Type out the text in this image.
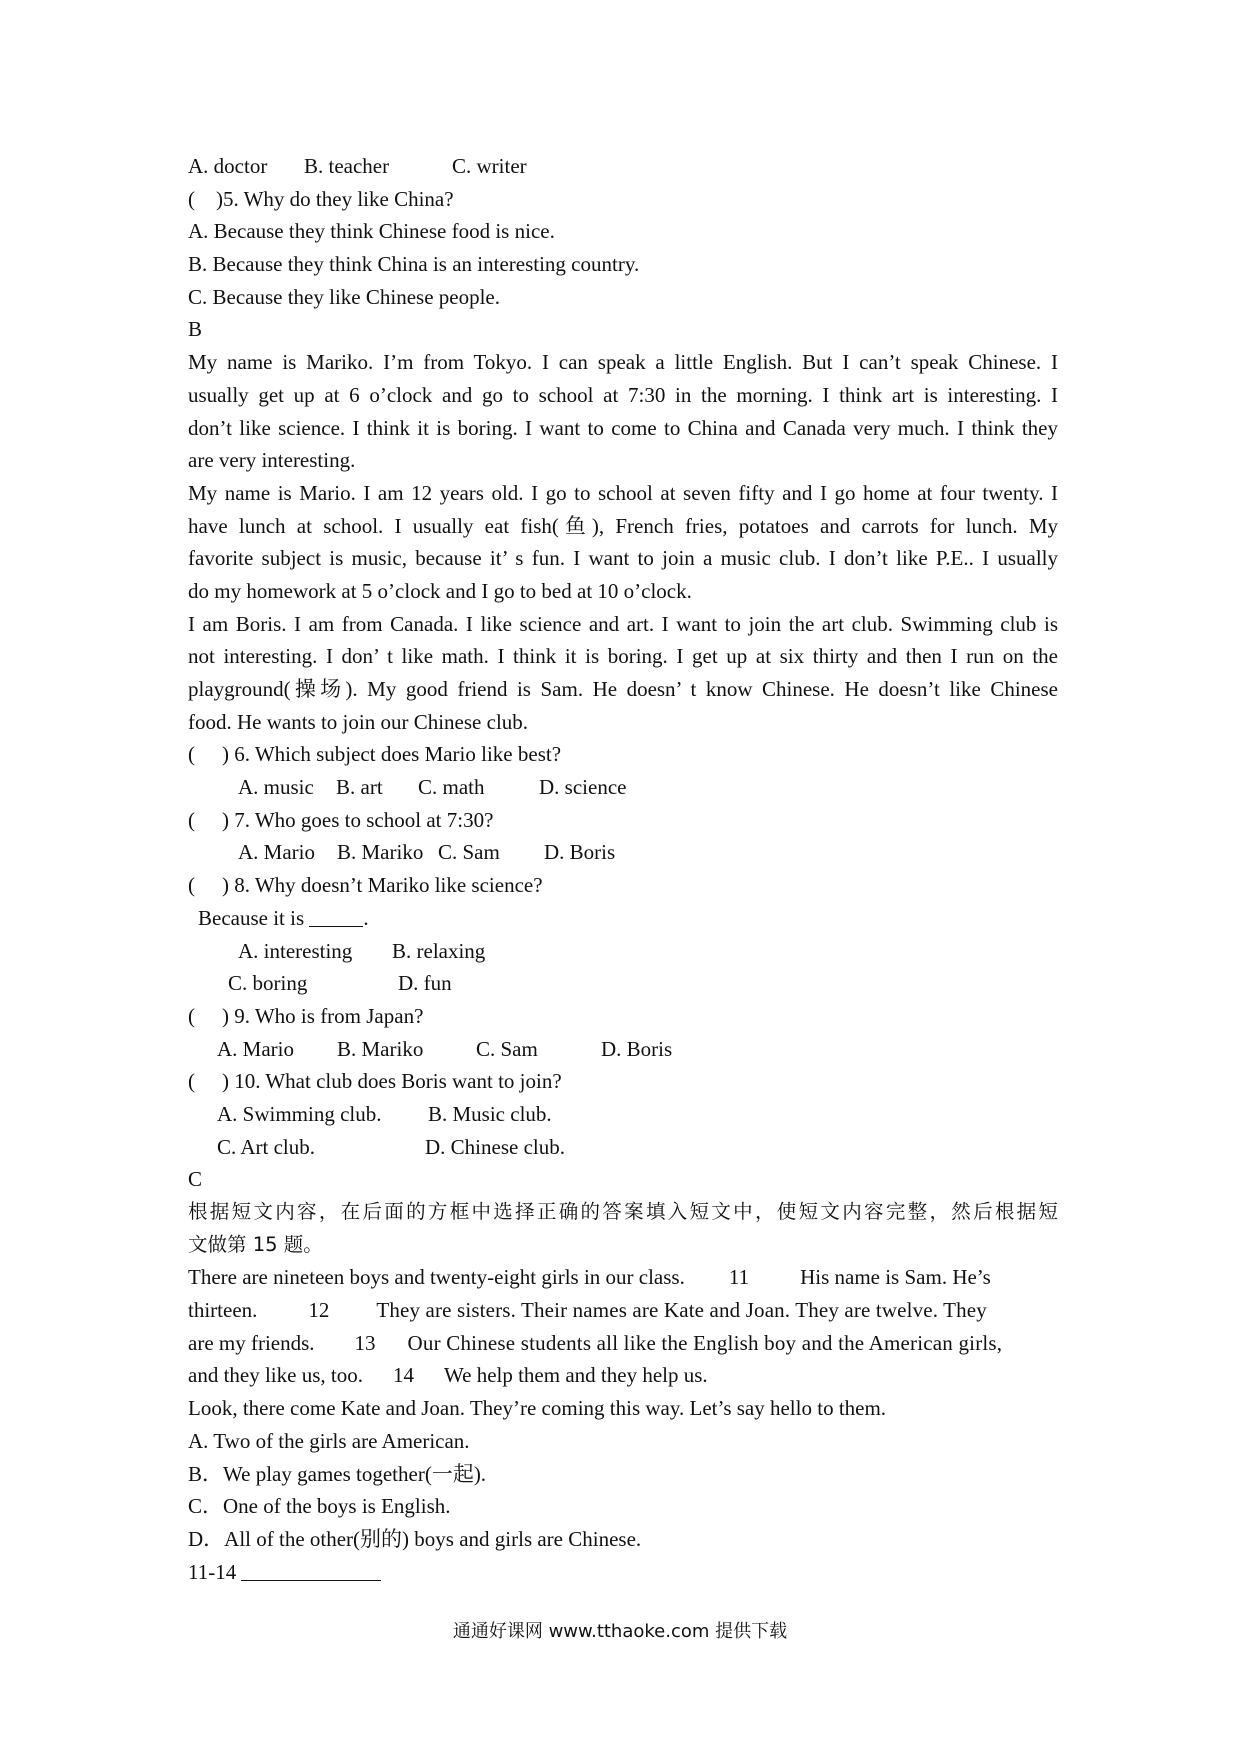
A. doctor B. teacher	C. writer
( )5. Why do they like China?
A. Because they think Chinese food is nice.
B. Because they think China is an interesting country.
C. Because they like Chinese people.
B
My name is Mariko. I’m from Tokyo. I can speak a little English. But I can’t speak Chinese. I
usually get up at 6 o’clock and go to school at 7:30 in the morning. I think art is interesting. I
don’t like science. I think it is boring. I want to come to China and Canada very much. I think they
are very interesting.
My name is Mario. I am 12 years old. I go to school at seven fifty and I go home at four twenty. I
have lunch at school. I usually eat fish(鱼), French fries, potatoes and carrots for lunch. My
favorite subject is music, because it’ s fun. I want to join a music club. I don’t like P.E.. I usually
do my homework at 5 o’clock and I go to bed at 10 o’clock.
I am Boris. I am from Canada. I like science and art. I want to join the art club. Swimming club is
not interesting. I don’ t like math. I think it is boring. I get up at six thirty and then I run on the
playground(操场). My good friend is Sam. He doesn’ t know Chinese. He doesn’t like Chinese
food. He wants to join our Chinese club.
( ) 6. Which subject does Mario like best?
A. music B. art C. math	D. science
( ) 7. Who goes to school at 7:30?
A. Mario B. Mariko C. Sam D. Boris
( ) 8. Why doesn’t Mariko like science?
Because it is	.
A. interesting B. relaxing
C. boring	D. fun
( ) 9. Who is from Japan?
A. Mario B. Mariko	C. Sam	D. Boris
( ) 10. What club does Boris want to join?
A. Swimming club. B. Music club.
C. Art club.	D. Chinese club.
C
根据短文内容，在后面的方框中选择正确的答案填入短文中，使短文内容完整，然后根据短
文做第 15 题。
There are nineteen boys and twenty-eight girls in our class. 11 His name is Sam. He’s
thirteen. 12 They are sisters. Their names are Kate and Joan. They are twelve. They
are my friends. 13 Our Chinese students all like the English boy and the American girls,
and they like us, too. 14 We help them and they help us.
Look, there come Kate and Joan. They’re coming this way. Let’s say hello to them.
A. Two of the girls are American.
B．We play games together(一起).
C．One of the boys is English.
D．All of the other(别的) boys and girls are Chinese.
11-14
通通好课网 www.tthaoke.com 提供下载
